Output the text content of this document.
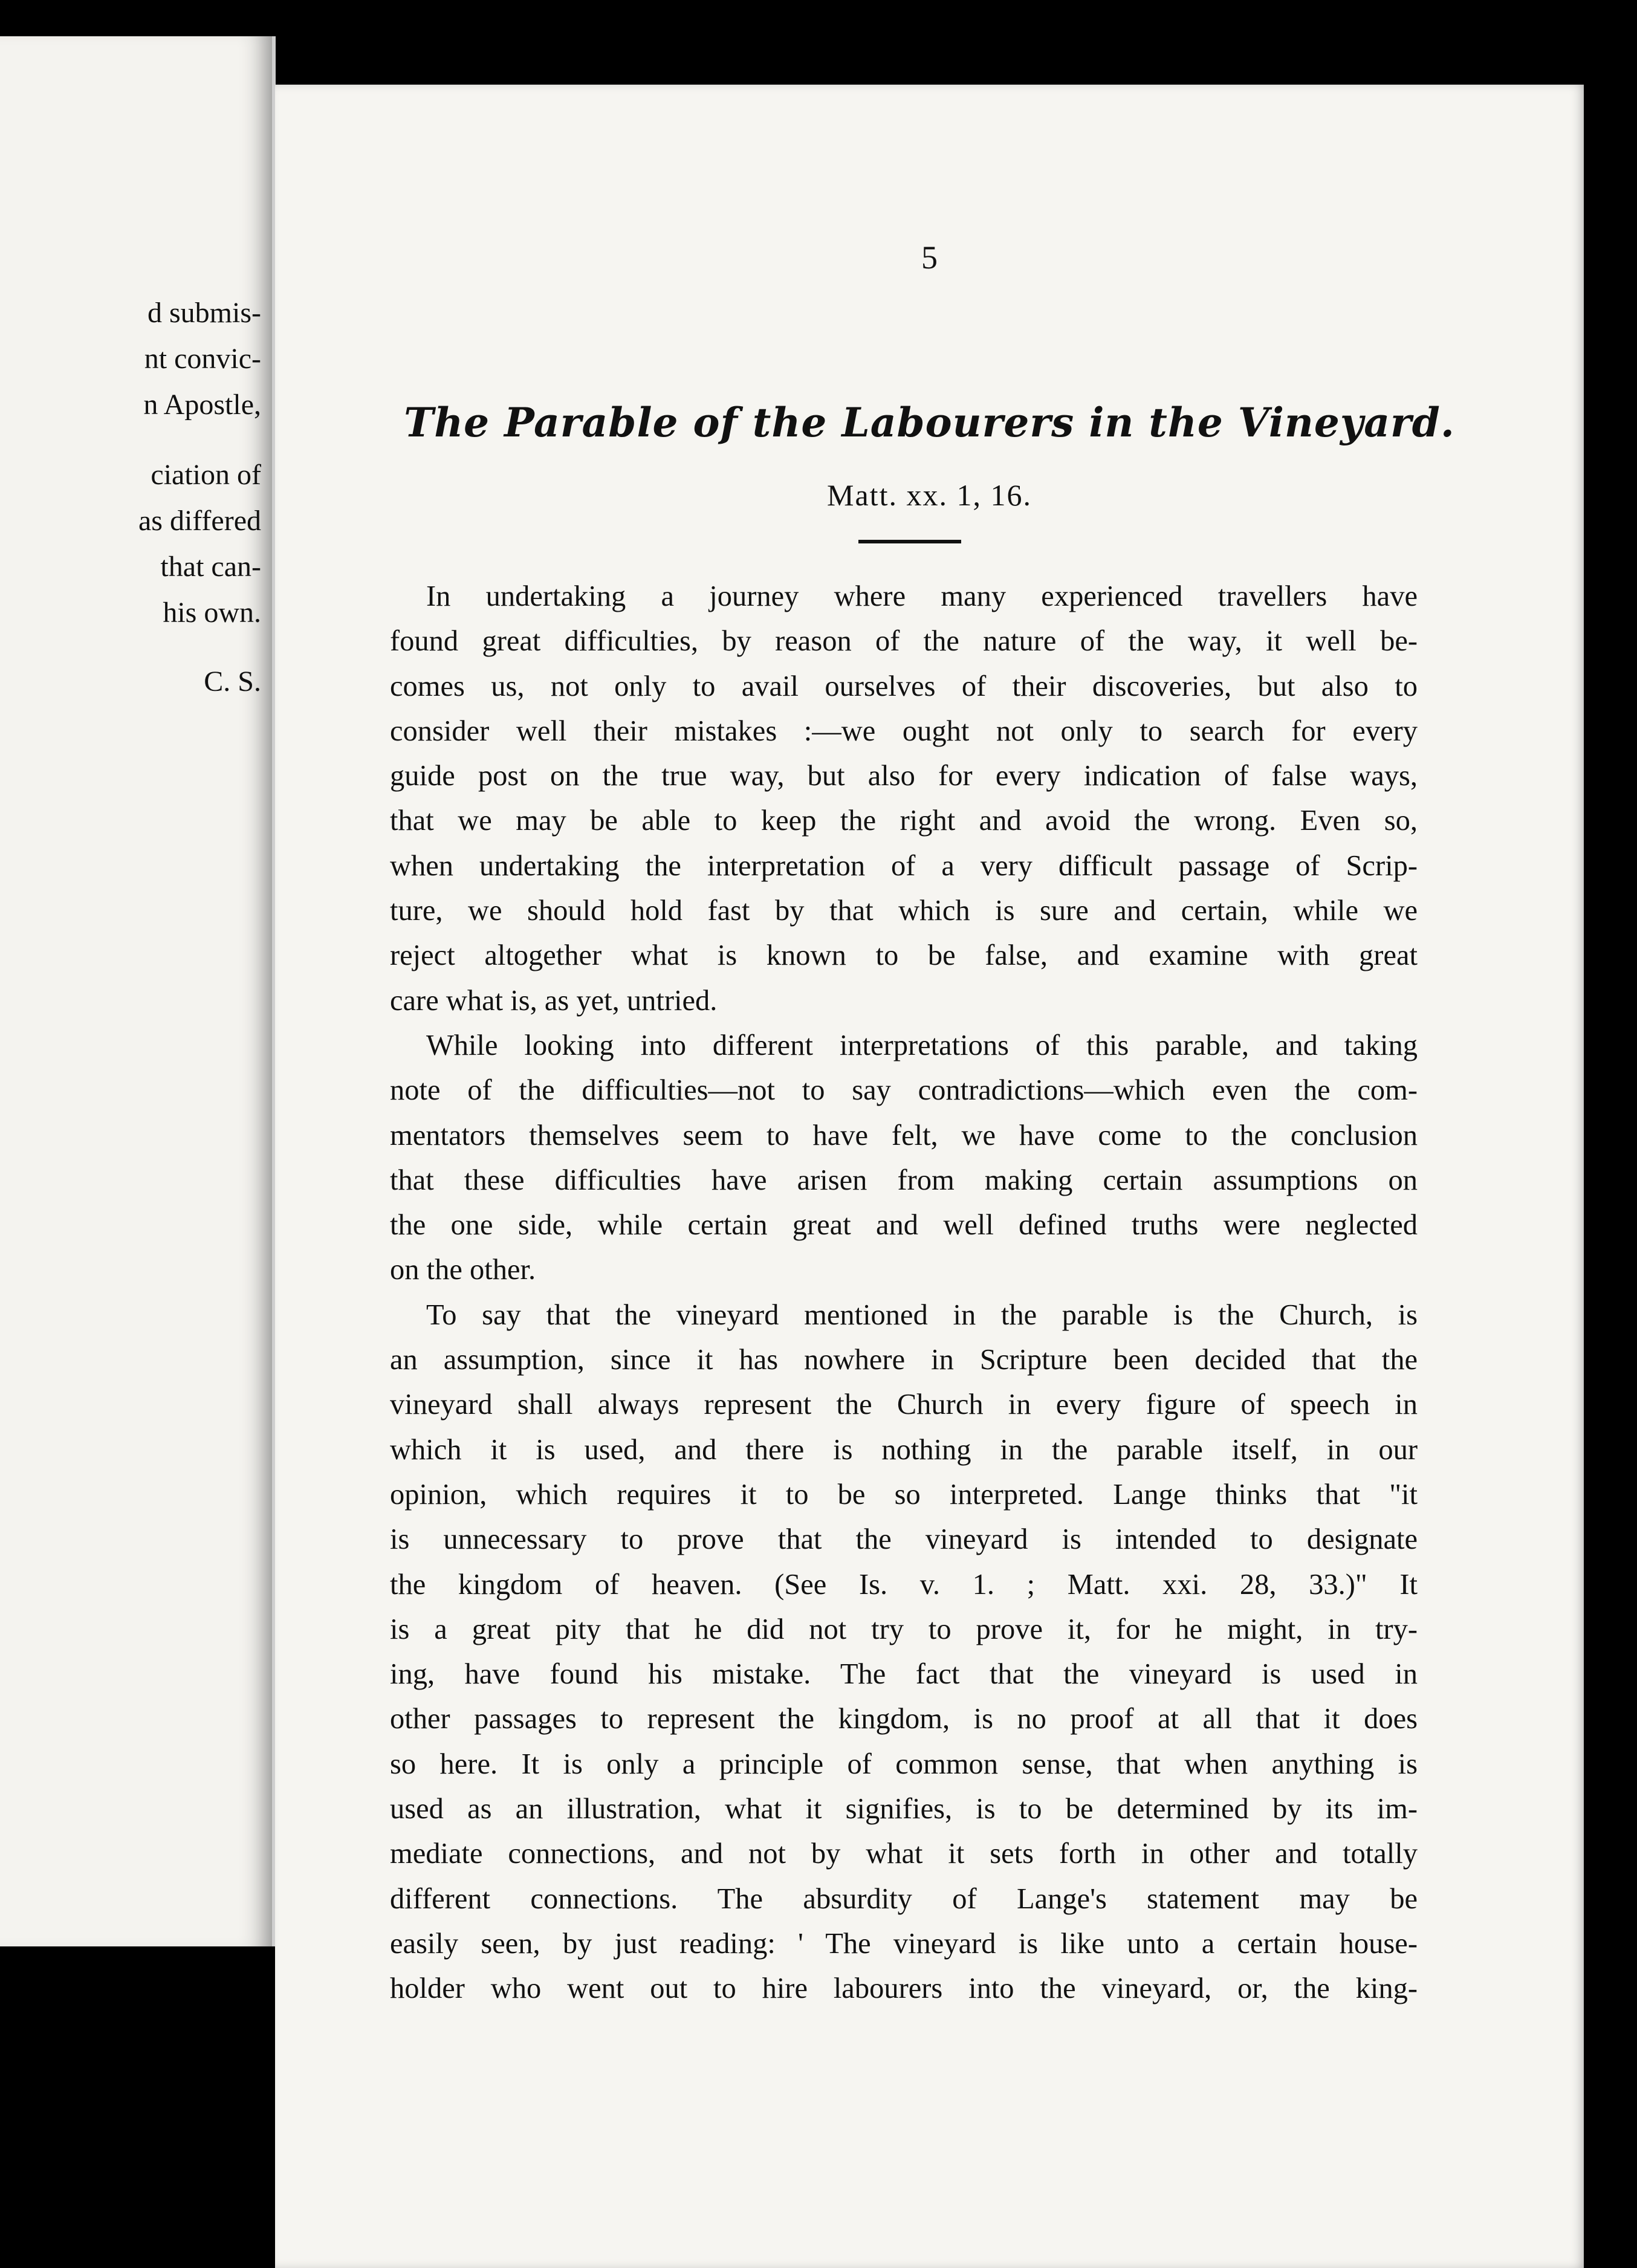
d submis-
nt convic-
n Apostle,
ciation of
as differed
that can-
his own.
C. S.
5
The Parable of the Labourers in the Vineyard.
Matt. xx. 1, 16.
In undertaking a journey where many experienced travellers have
found great difficulties, by reason of the nature of the way, it well be-
comes us, not only to avail ourselves of their discoveries, but also to
consider well their mistakes :—we ought not only to search for every
guide post on the true way, but also for every indication of false ways,
that we may be able to keep the right and avoid the wrong. Even so,
when undertaking the interpretation of a very difficult passage of Scrip-
ture, we should hold fast by that which is sure and certain, while we
reject altogether what is known to be false, and examine with great
care what is, as yet, untried.
While looking into different interpretations of this parable, and taking
note of the difficulties—not to say contradictions—which even the com-
mentators themselves seem to have felt, we have come to the conclusion
that these difficulties have arisen from making certain assumptions on
the one side, while certain great and well defined truths were neglected
on the other.
To say that the vineyard mentioned in the parable is the Church, is
an assumption, since it has nowhere in Scripture been decided that the
vineyard shall always represent the Church in every figure of speech in
which it is used, and there is nothing in the parable itself, in our
opinion, which requires it to be so interpreted. Lange thinks that "it
is unnecessary to prove that the vineyard is intended to designate
the kingdom of heaven. (See Is. v. 1. ; Matt. xxi. 28, 33.)" It
is a great pity that he did not try to prove it, for he might, in try-
ing, have found his mistake. The fact that the vineyard is used in
other passages to represent the kingdom, is no proof at all that it does
so here. It is only a principle of common sense, that when anything is
used as an illustration, what it signifies, is to be determined by its im-
mediate connections, and not by what it sets forth in other and totally
different connections. The absurdity of Lange's statement may be
easily seen, by just reading: ' The vineyard is like unto a certain house-
holder who went out to hire labourers into the vineyard, or, the king-
